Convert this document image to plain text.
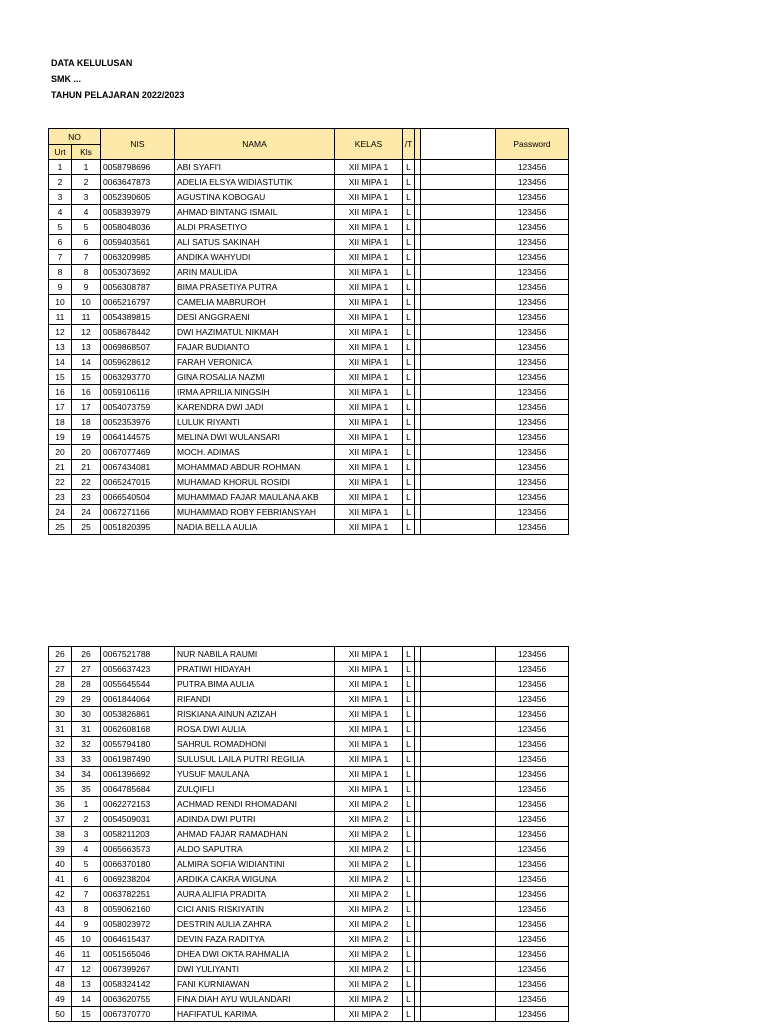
DATA KELULUSAN
SMK ...
TAHUN PELAJARAN 2022/2023
NO		NIS	NAMA	KELAS	/T			Password
Urt	Kls							
1	1	0058798696	ABI SYAFI'I	XII MIPA 1	L			123456
2	2	0063647873	ADELIA ELSYA WIDIASTUTIK	XII MIPA 1	L			123456
3	3	0052390605	AGUSTINA KOBOGAU	XII MIPA 1	L			123456
4	4	0058393979	AHMAD BINTANG ISMAIL	XII MIPA 1	L			123456
5	5	0058048036	ALDI PRASETIYO	XII MIPA 1	L			123456
6	6	0059403561	ALI SATUS SAKINAH	XII MIPA 1	L			123456
7	7	0063209985	ANDIKA WAHYUDI	XII MIPA 1	L			123456
8	8	0053073692	ARIN MAULIDA	XII MIPA 1	L			123456
9	9	0056308787	BIMA PRASETIYA PUTRA	XII MIPA 1	L			123456
10	10	0065216797	CAMELIA MABRUROH	XII MIPA 1	L			123456
11	11	0054389815	DESI ANGGRAENI	XII MIPA 1	L			123456
12	12	0058678442	DWI HAZIMATUL NIKMAH	XII MIPA 1	L			123456
13	13	0069868507	FAJAR BUDIANTO	XII MIPA 1	L			123456
14	14	0059628612	FARAH VERONICA	XII MIPA 1	L			123456
15	15	0063293770	GINA ROSALIA NAZMI	XII MIPA 1	L			123456
16	16	0059106116	IRMA APRILIA NINGSIH	XII MIPA 1	L			123456
17	17	0054073759	KARENDRA DWI JADI	XII MIPA 1	L			123456
18	18	0052353976	LULUK RIYANTI	XII MIPA 1	L			123456
19	19	0064144575	MELINA DWI WULANSARI	XII MIPA 1	L			123456
20	20	0067077469	MOCH. ADIMAS	XII MIPA 1	L			123456
21	21	0067434081	MOHAMMAD ABDUR ROHMAN	XII MIPA 1	L			123456
22	22	0065247015	MUHAMAD KHORUL ROSIDI	XII MIPA 1	L			123456
23	23	0066540504	MUHAMMAD FAJAR MAULANA AKB	XII MIPA 1	L			123456
24	24	0067271166	MUHAMMAD ROBY FEBRIANSYAH	XII MIPA 1	L			123456
25	25	0051820395	NADIA BELLA AULIA	XII MIPA 1	L			123456
26	26	0067521788	NUR NABILA RAUMI	XII MIPA 1	L			123456
27	27	0056637423	PRATIWI HIDAYAH	XII MIPA 1	L			123456
28	28	0055645544	PUTRA BIMA AULIA	XII MIPA 1	L			123456
29	29	0061844064	RIFANDI	XII MIPA 1	L			123456
30	30	0053826861	RISKIANA AINUN AZIZAH	XII MIPA 1	L			123456
31	31	0062608168	ROSA DWI AULIA	XII MIPA 1	L			123456
32	32	0055794180	SAHRUL ROMADHONI	XII MIPA 1	L			123456
33	33	0061987490	SULUSUL LAILA PUTRI REGILIA	XII MIPA 1	L			123456
34	34	0061396692	YUSUF MAULANA	XII MIPA 1	L			123456
35	35	0064785684	ZULQIFLI	XII MIPA 1	L			123456
36	1	0062272153	ACHMAD RENDI RHOMADANI	XII MIPA 2	L			123456
37	2	0054509031	ADINDA DWI PUTRI	XII MIPA 2	L			123456
38	3	0058211203	AHMAD FAJAR RAMADHAN	XII MIPA 2	L			123456
39	4	0065663573	ALDO SAPUTRA	XII MIPA 2	L			123456
40	5	0066370180	ALMIRA SOFIA WIDIANTINI	XII MIPA 2	L			123456
41	6	0069238204	ARDIKA CAKRA WIGUNA	XII MIPA 2	L			123456
42	7	0063782251	AURA ALIFIA PRADITA	XII MIPA 2	L			123456
43	8	0059062160	CICI ANIS RISKIYATIN	XII MIPA 2	L			123456
44	9	0058023972	DESTRIN AULIA ZAHRA	XII MIPA 2	L			123456
45	10	0064615437	DEVIN FAZA RADITYA	XII MIPA 2	L			123456
46	11	0051565046	DHEA DWI OKTA RAHMALIA	XII MIPA 2	L			123456
47	12	0067399267	DWI YULIYANTI	XII MIPA 2	L			123456
48	13	0058324142	FANI KURNIAWAN	XII MIPA 2	L			123456
49	14	0063620755	FINA DIAH AYU WULANDARI	XII MIPA 2	L			123456
50	15	0067370770	HAFIFATUL KARIMA	XII MIPA 2	L			123456
